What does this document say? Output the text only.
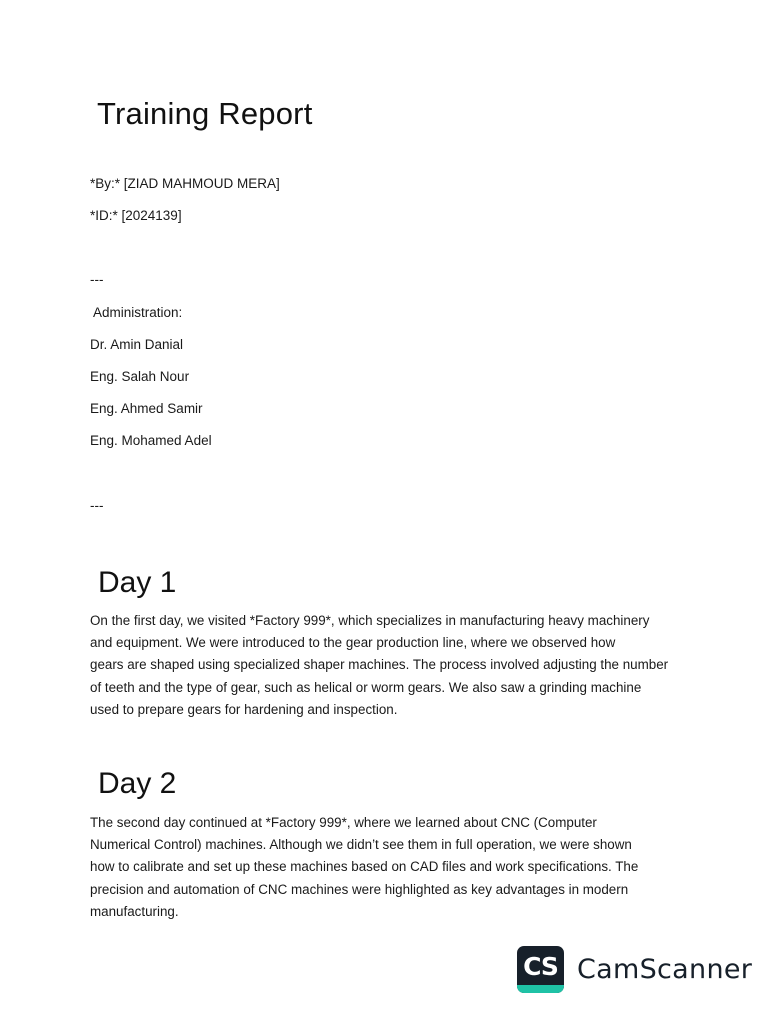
Training Report
*By:* [ZIAD MAHMOUD MERA]
*ID:* [2024139]
---
Administration:
Dr. Amin Danial
Eng. Salah Nour
Eng. Ahmed Samir
Eng. Mohamed Adel
---
Day 1
On the first day, we visited *Factory 999*, which specializes in manufacturing heavy machinery
and equipment. We were introduced to the gear production line, where we observed how
gears are shaped using specialized shaper machines. The process involved adjusting the number
of teeth and the type of gear, such as helical or worm gears. We also saw a grinding machine
used to prepare gears for hardening and inspection.
Day 2
The second day continued at *Factory 999*, where we learned about CNC (Computer
Numerical Control) machines. Although we didn’t see them in full operation, we were shown
how to calibrate and set up these machines based on CAD files and work specifications. The
precision and automation of CNC machines were highlighted as key advantages in modern
manufacturing.
CS CamScanner
